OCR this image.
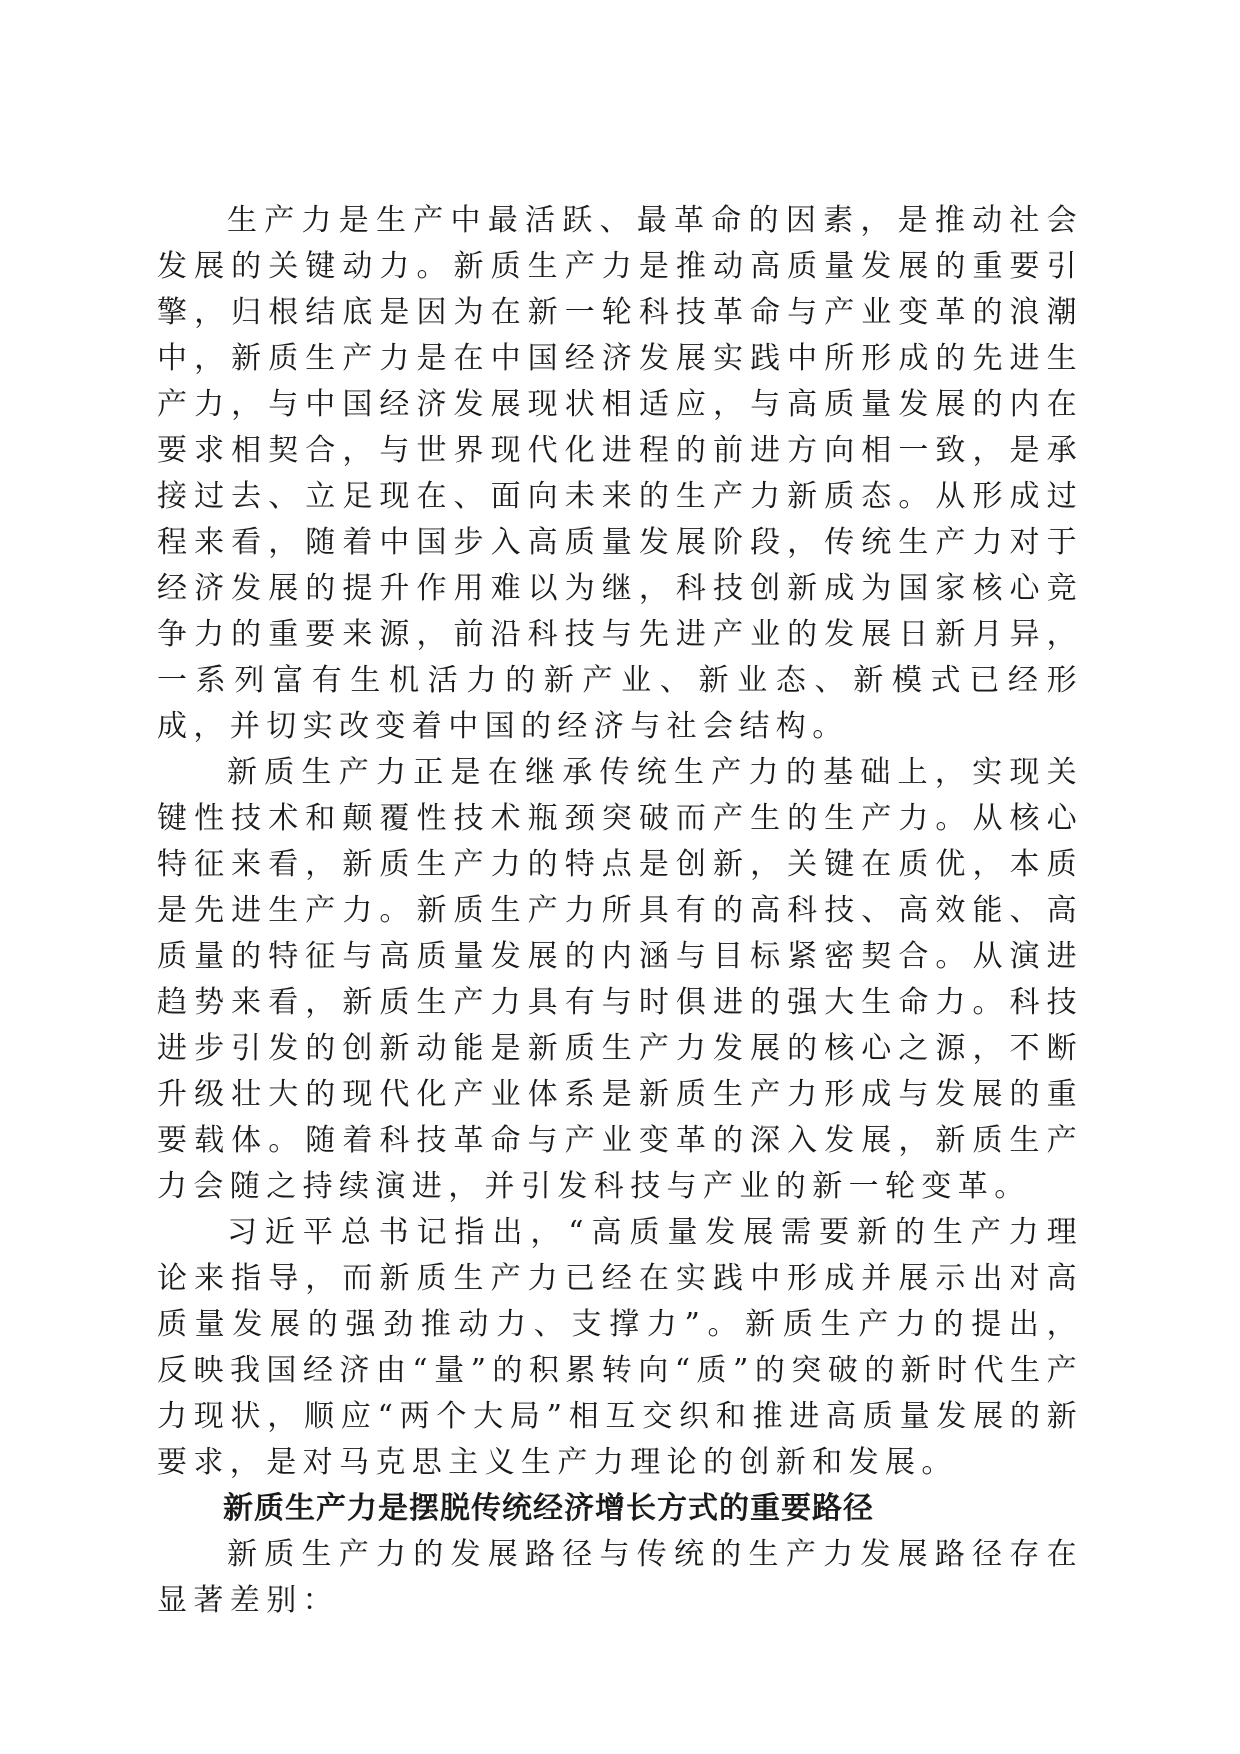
生产力是生产中最活跃、最革命的因素，是推动社会发展的关键动力。新质生产力是推动高质量发展的重要引擎，归根结底是因为在新一轮科技革命与产业变革的浪潮中，新质生产力是在中国经济发展实践中所形成的先进生产力，与中国经济发展现状相适应，与高质量发展的内在要求相契合，与世界现代化进程的前进方向相一致，是承接过去、立足现在、面向未来的生产力新质态。从形成过程来看，随着中国步入高质量发展阶段，传统生产力对于经济发展的提升作用难以为继，科技创新成为国家核心竞争力的重要来源，前沿科技与先进产业的发展日新月异，一系列富有生机活力的新产业、新业态、新模式已经形成，并切实改变着中国的经济与社会结构。

新质生产力正是在继承传统生产力的基础上，实现关键性技术和颠覆性技术瓶颈突破而产生的生产力。从核心特征来看，新质生产力的特点是创新，关键在质优，本质是先进生产力。新质生产力所具有的高科技、高效能、高质量的特征与高质量发展的内涵与目标紧密契合。从演进趋势来看，新质生产力具有与时俱进的强大生命力。科技进步引发的创新动能是新质生产力发展的核心之源，不断升级壮大的现代化产业体系是新质生产力形成与发展的重要载体。随着科技革命与产业变革的深入发展，新质生产力会随之持续演进，并引发科技与产业的新一轮变革。

习近平总书记指出，“高质量发展需要新的生产力理论来指导，而新质生产力已经在实践中形成并展示出对高质量发展的强劲推动力、支撑力”。新质生产力的提出，反映我国经济由“量”的积累转向“质”的突破的新时代生产力现状，顺应“两个大局”相互交织和推进高质量发展的新要求，是对马克思主义生产力理论的创新和发展。

新质生产力是摆脱传统经济增长方式的重要路径

新质生产力的发展路径与传统的生产力发展路径存在显著差别：
